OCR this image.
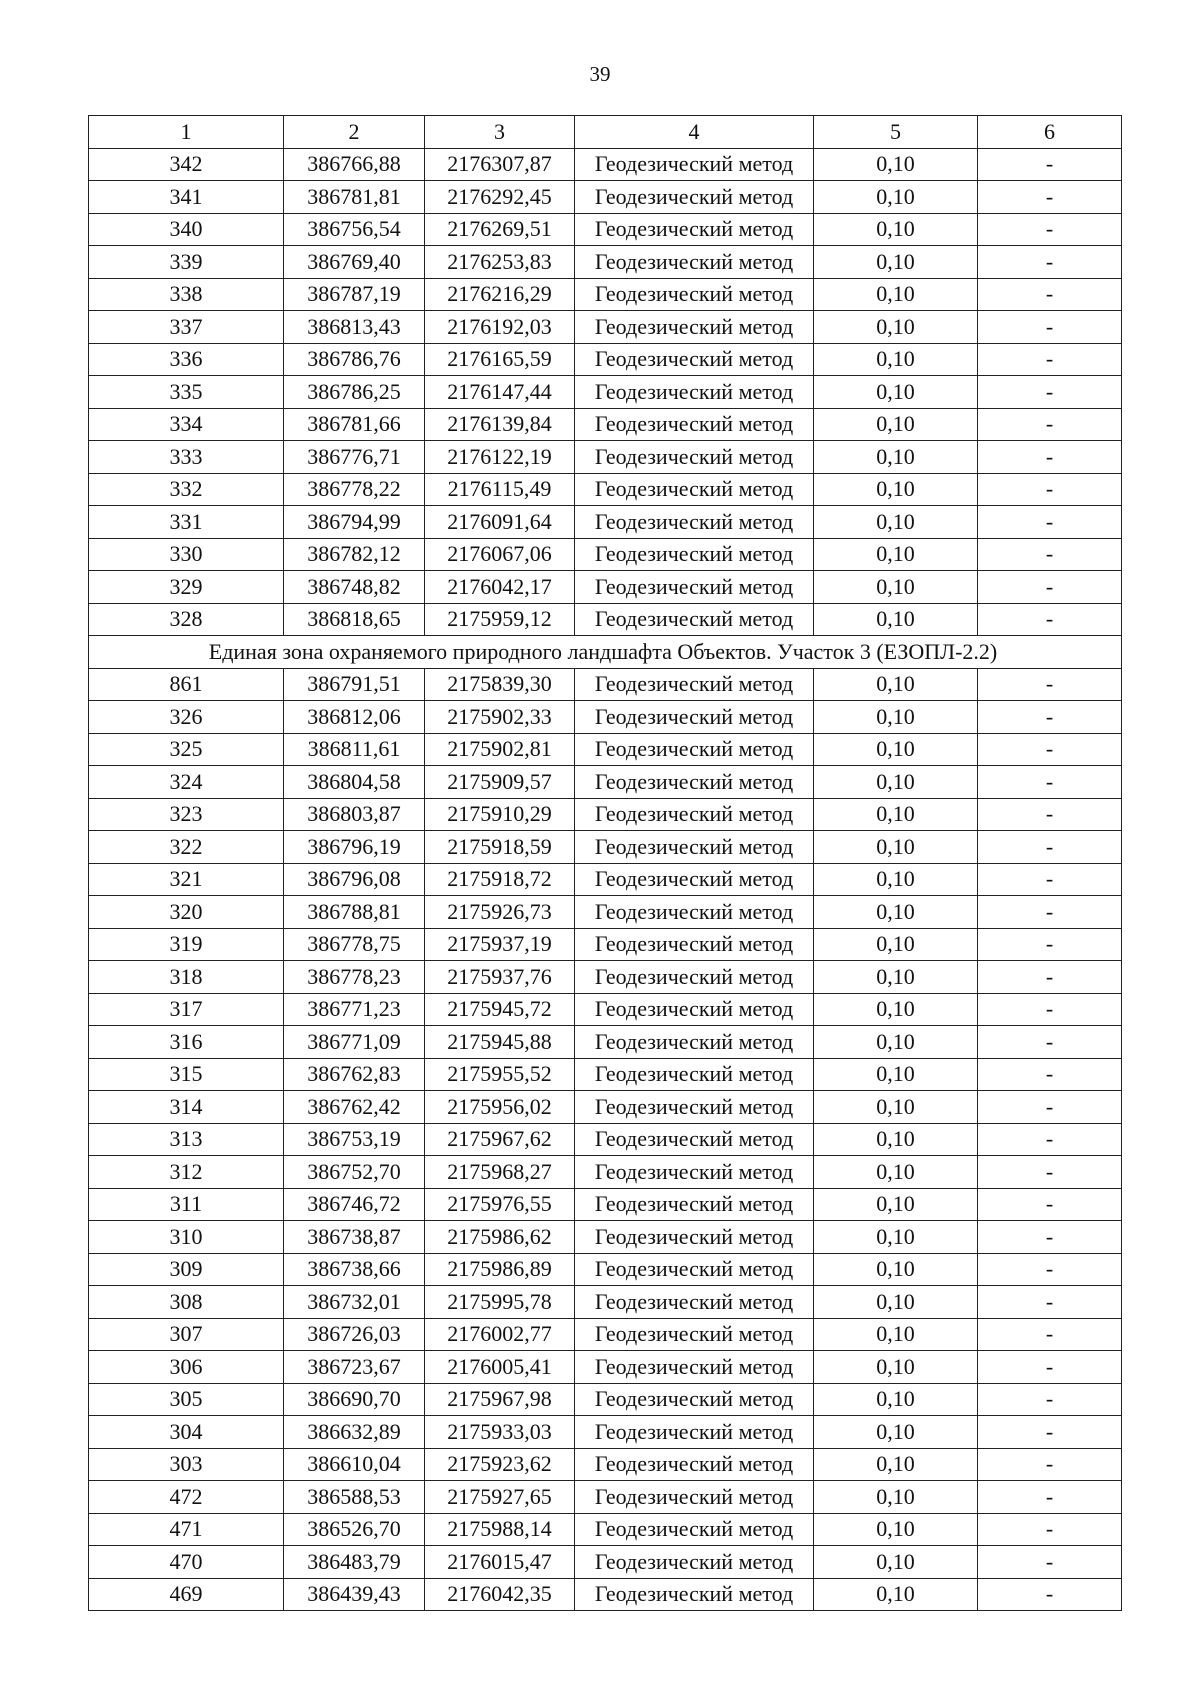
39
1	2	3	4	5	6
342	386766,88	2176307,87	Геодезический метод	0,10	-
341	386781,81	2176292,45	Геодезический метод	0,10	-
340	386756,54	2176269,51	Геодезический метод	0,10	-
339	386769,40	2176253,83	Геодезический метод	0,10	-
338	386787,19	2176216,29	Геодезический метод	0,10	-
337	386813,43	2176192,03	Геодезический метод	0,10	-
336	386786,76	2176165,59	Геодезический метод	0,10	-
335	386786,25	2176147,44	Геодезический метод	0,10	-
334	386781,66	2176139,84	Геодезический метод	0,10	-
333	386776,71	2176122,19	Геодезический метод	0,10	-
332	386778,22	2176115,49	Геодезический метод	0,10	-
331	386794,99	2176091,64	Геодезический метод	0,10	-
330	386782,12	2176067,06	Геодезический метод	0,10	-
329	386748,82	2176042,17	Геодезический метод	0,10	-
328	386818,65	2175959,12	Геодезический метод	0,10	-
Единая зона охраняемого природного ландшафта Объектов. Участок 3 (ЕЗОПЛ-2.2)					
861	386791,51	2175839,30	Геодезический метод	0,10	-
326	386812,06	2175902,33	Геодезический метод	0,10	-
325	386811,61	2175902,81	Геодезический метод	0,10	-
324	386804,58	2175909,57	Геодезический метод	0,10	-
323	386803,87	2175910,29	Геодезический метод	0,10	-
322	386796,19	2175918,59	Геодезический метод	0,10	-
321	386796,08	2175918,72	Геодезический метод	0,10	-
320	386788,81	2175926,73	Геодезический метод	0,10	-
319	386778,75	2175937,19	Геодезический метод	0,10	-
318	386778,23	2175937,76	Геодезический метод	0,10	-
317	386771,23	2175945,72	Геодезический метод	0,10	-
316	386771,09	2175945,88	Геодезический метод	0,10	-
315	386762,83	2175955,52	Геодезический метод	0,10	-
314	386762,42	2175956,02	Геодезический метод	0,10	-
313	386753,19	2175967,62	Геодезический метод	0,10	-
312	386752,70	2175968,27	Геодезический метод	0,10	-
311	386746,72	2175976,55	Геодезический метод	0,10	-
310	386738,87	2175986,62	Геодезический метод	0,10	-
309	386738,66	2175986,89	Геодезический метод	0,10	-
308	386732,01	2175995,78	Геодезический метод	0,10	-
307	386726,03	2176002,77	Геодезический метод	0,10	-
306	386723,67	2176005,41	Геодезический метод	0,10	-
305	386690,70	2175967,98	Геодезический метод	0,10	-
304	386632,89	2175933,03	Геодезический метод	0,10	-
303	386610,04	2175923,62	Геодезический метод	0,10	-
472	386588,53	2175927,65	Геодезический метод	0,10	-
471	386526,70	2175988,14	Геодезический метод	0,10	-
470	386483,79	2176015,47	Геодезический метод	0,10	-
469	386439,43	2176042,35	Геодезический метод	0,10	-
